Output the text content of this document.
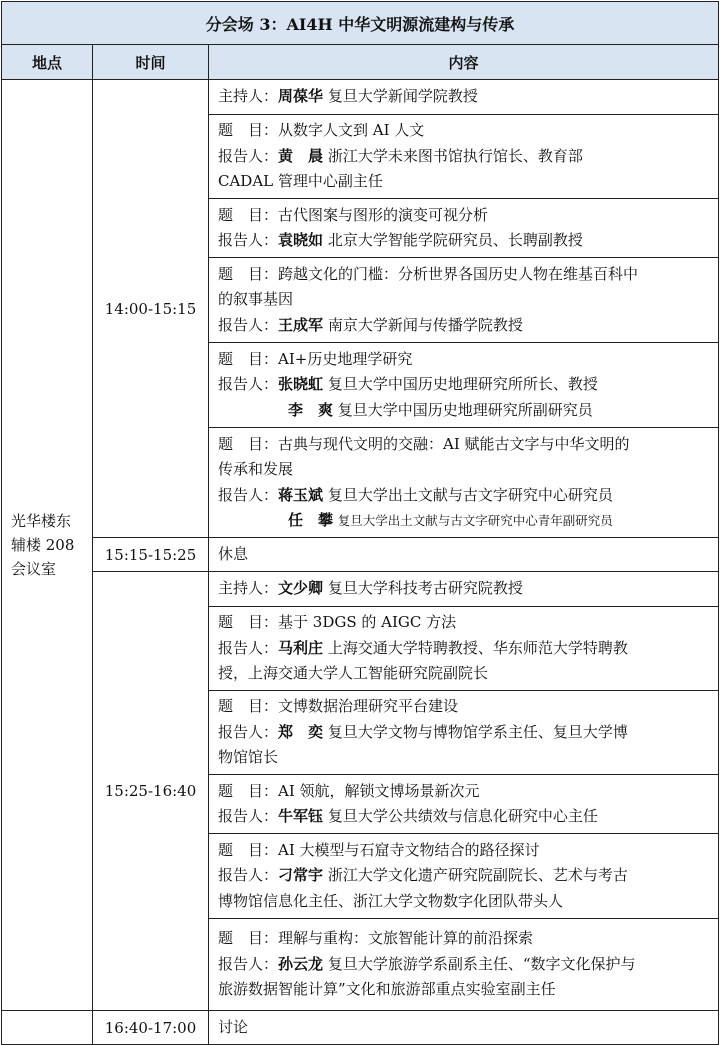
分会场 3：AI4H 中华文明源流建构与传承		
地点	时间	内容

光华楼东
辅楼 208
会议室	14:00-15:15	主持人：周葆华 复旦大学新闻学院教授

		题　目：从数字人文到 AI 人文
报告人：黄　晨 浙江大学未来图书馆执行馆长、教育部
CADAL 管理中心副主任

		题　目：古代图案与图形的演变可视分析
报告人：袁晓如 北京大学智能学院研究员、长聘副教授

		题　目：跨越文化的门槛：分析世界各国历史人物在维基百科中
的叙事基因
报告人：王成军 南京大学新闻与传播学院教授

		题　目：AI+历史地理学研究
报告人：张晓虹 复旦大学中国历史地理研究所所长、教授
李　爽 复旦大学中国历史地理研究所副研究员

		题　目：古典与现代文明的交融：AI 赋能古文字与中华文明的
传承和发展
报告人：蒋玉斌 复旦大学出土文献与古文字研究中心研究员
任　攀 复旦大学出土文献与古文字研究中心青年副研究员

	15:15-15:25	休息
	15:25-16:40	主持人：文少卿 复旦大学科技考古研究院教授

		题　目：基于 3DGS 的 AIGC 方法
报告人：马利庄 上海交通大学特聘教授、华东师范大学特聘教
授，上海交通大学人工智能研究院副院长

		题　目：文博数据治理研究平台建设
报告人：郑　奕 复旦大学文物与博物馆学系主任、复旦大学博
物馆馆长

		题　目：AI 领航，解锁文博场景新次元
报告人：牛军钰 复旦大学公共绩效与信息化研究中心主任

		题　目：AI 大模型与石窟寺文物结合的路径探讨
报告人：刁常宇 浙江大学文化遗产研究院副院长、艺术与考古
博物馆信息化主任、浙江大学文物数字化团队带头人

		题　目：理解与重构：文旅智能计算的前沿探索
报告人：孙云龙 复旦大学旅游学系副系主任、“数字文化保护与
旅游数据智能计算”文化和旅游部重点实验室副主任

	16:40-17:00	讨论
